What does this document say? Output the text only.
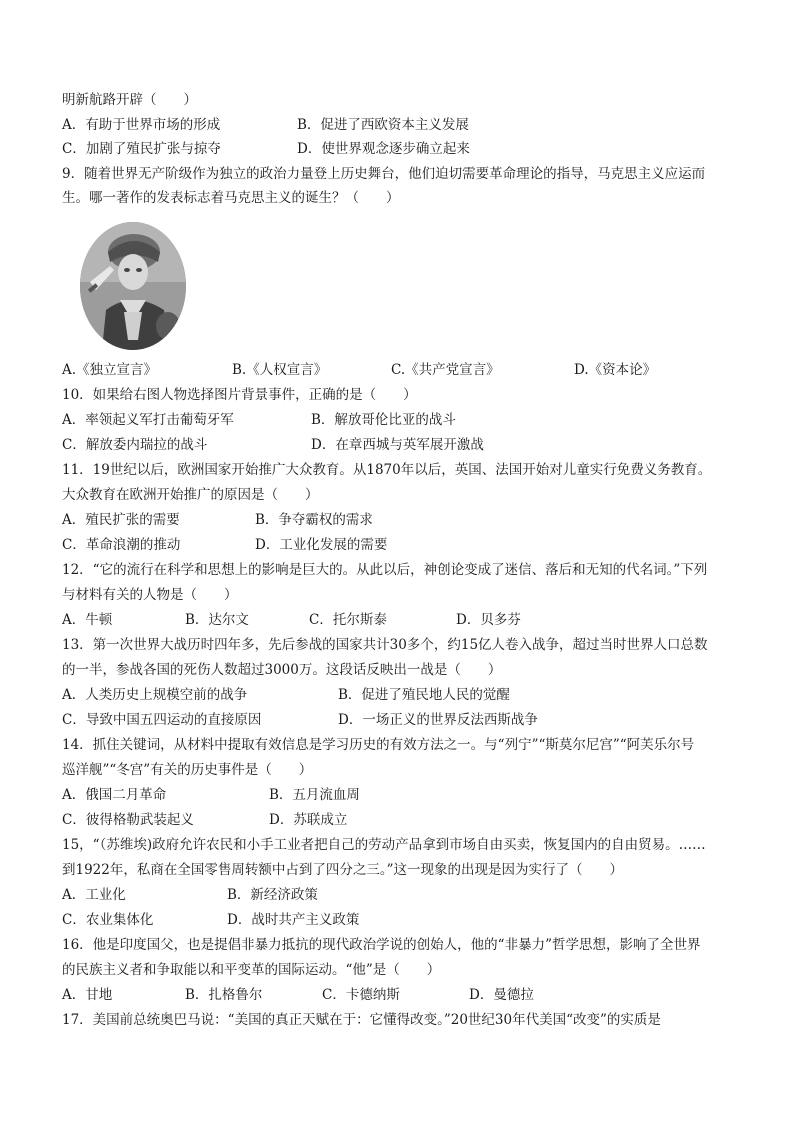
明新航路开辟（　　）
A．有助于世界市场的形成	B．促进了西欧资本主义发展
C．加剧了殖民扩张与掠夺	D．使世界观念逐步确立起来
9．随着世界无产阶级作为独立的政治力量登上历史舞台，他们迫切需要革命理论的指导，马克思主义应运而
生。哪一著作的发表标志着马克思主义的诞生？（　　）
A.《独立宣言》	B.《人权宣言》	C.《共产党宣言》	D.《资本论》
10．如果给右图人物选择图片背景事件，正确的是（　　）
A．率领起义军打击葡萄牙军	B．解放哥伦比亚的战斗
C．解放委内瑞拉的战斗	D．在章西城与英军展开激战
11．19世纪以后，欧洲国家开始推广大众教育。从1870年以后，英国、法国开始对儿童实行免费义务教育。
大众教育在欧洲开始推广的原因是（　　）
A．殖民扩张的需要	B．争夺霸权的需求
C．革命浪潮的推动	D．工业化发展的需要
12．“它的流行在科学和思想上的影响是巨大的。从此以后，神创论变成了迷信、落后和无知的代名词。”下列
与材料有关的人物是（　　）
A．牛顿	B．达尔文	C．托尔斯泰	D．贝多芬
13．第一次世界大战历时四年多，先后参战的国家共计30多个，约15亿人卷入战争，超过当时世界人口总数
的一半，参战各国的死伤人数超过3000万。这段话反映出一战是（　　）
A．人类历史上规模空前的战争	B．促进了殖民地人民的觉醒
C．导致中国五四运动的直接原因	D．一场正义的世界反法西斯战争
14．抓住关键词，从材料中提取有效信息是学习历史的有效方法之一。与“列宁”“斯莫尔尼宫”“阿芙乐尔号
巡洋舰”“冬宫”有关的历史事件是（　　）
A．俄国二月革命	B．五月流血周
C．彼得格勒武装起义	D．苏联成立
15，“（苏维埃)政府允许农民和小手工业者把自己的劳动产品拿到市场自由买卖，恢复国内的自由贸易。……
到1922年，私商在全国零售周转额中占到了四分之三。”这一现象的出现是因为实行了（　　）
A．工业化	B．新经济政策
C．农业集体化	D．战时共产主义政策
16．他是印度国父，也是提倡非暴力抵抗的现代政治学说的创始人，他的“非暴力”哲学思想，影响了全世界
的民族主义者和争取能以和平变革的国际运动。“他”是（　　）
A．甘地	B．扎格鲁尔	C．卡德纳斯	D．曼德拉
17．美国前总统奥巴马说：“美国的真正天赋在于：它懂得改变。”20世纪30年代美国“改变”的实质是
